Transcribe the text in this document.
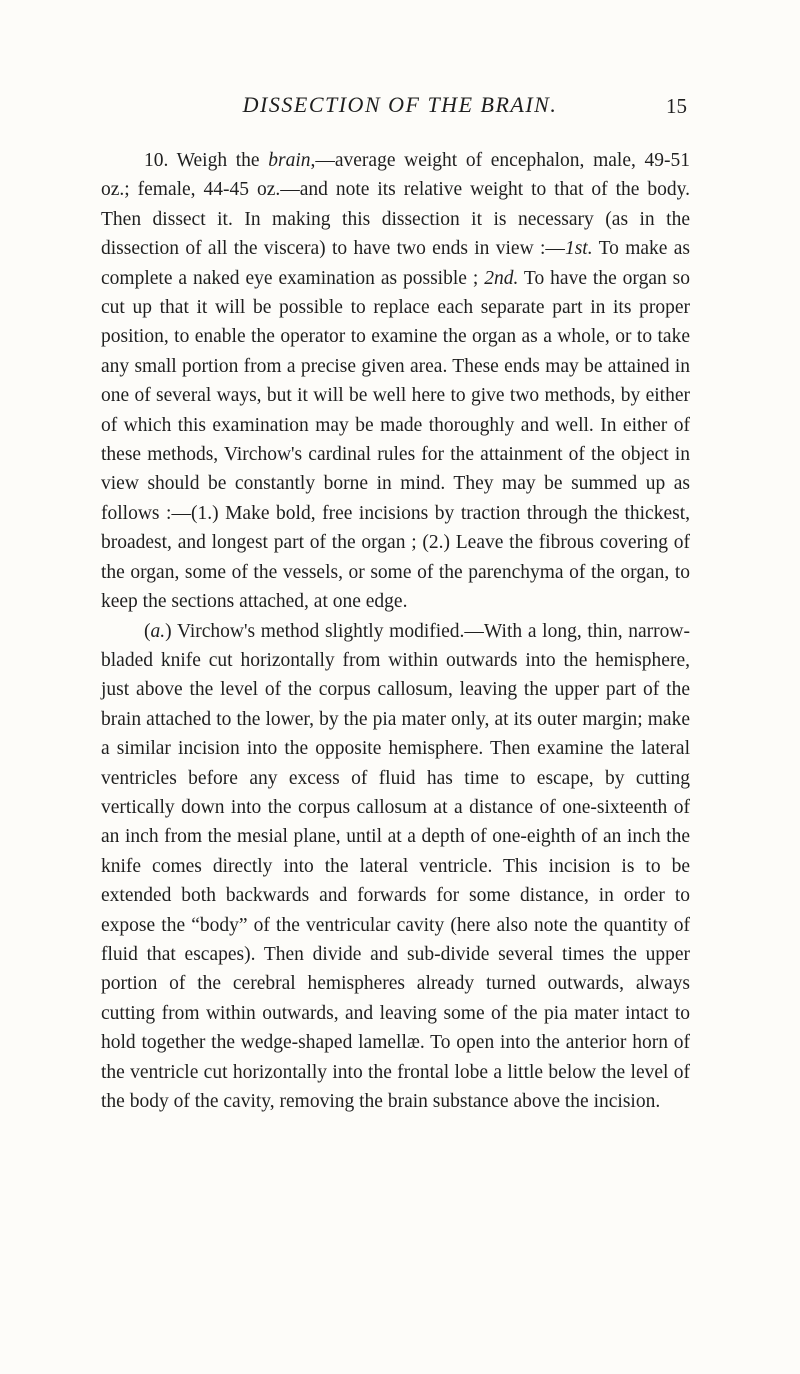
DISSECTION OF THE BRAIN.	15

10. Weigh the brain,—average weight of encephalon, male, 49-51 oz.; female, 44-45 oz.—and note its relative weight to that of the body. Then dissect it. In making this dissection it is necessary (as in the dissection of all the viscera) to have two ends in view :—1st. To make as complete a naked eye examination as possible ; 2nd. To have the organ so cut up that it will be possible to replace each separate part in its proper position, to enable the operator to examine the organ as a whole, or to take any small portion from a precise given area. These ends may be attained in one of several ways, but it will be well here to give two methods, by either of which this examination may be made thoroughly and well. In either of these methods, Virchow's cardinal rules for the attainment of the object in view should be constantly borne in mind. They may be summed up as follows :—(1.) Make bold, free incisions by traction through the thickest, broadest, and longest part of the organ ; (2.) Leave the fibrous covering of the organ, some of the vessels, or some of the parenchyma of the organ, to keep the sections attached, at one edge.

(a.) Virchow's method slightly modified.—With a long, thin, narrow-bladed knife cut horizontally from within outwards into the hemisphere, just above the level of the corpus callosum, leaving the upper part of the brain attached to the lower, by the pia mater only, at its outer margin; make a similar incision into the opposite hemisphere. Then examine the lateral ventricles before any excess of fluid has time to escape, by cutting vertically down into the corpus callosum at a distance of one-sixteenth of an inch from the mesial plane, until at a depth of one-eighth of an inch the knife comes directly into the lateral ventricle. This incision is to be extended both backwards and forwards for some distance, in order to expose the “body” of the ventricular cavity (here also note the quantity of fluid that escapes). Then divide and sub-divide several times the upper portion of the cerebral hemispheres already turned outwards, always cutting from within outwards, and leaving some of the pia mater intact to hold together the wedge-shaped lamellæ. To open into the anterior horn of the ventricle cut horizontally into the frontal lobe a little below the level of the body of the cavity, removing the brain substance above the incision.
